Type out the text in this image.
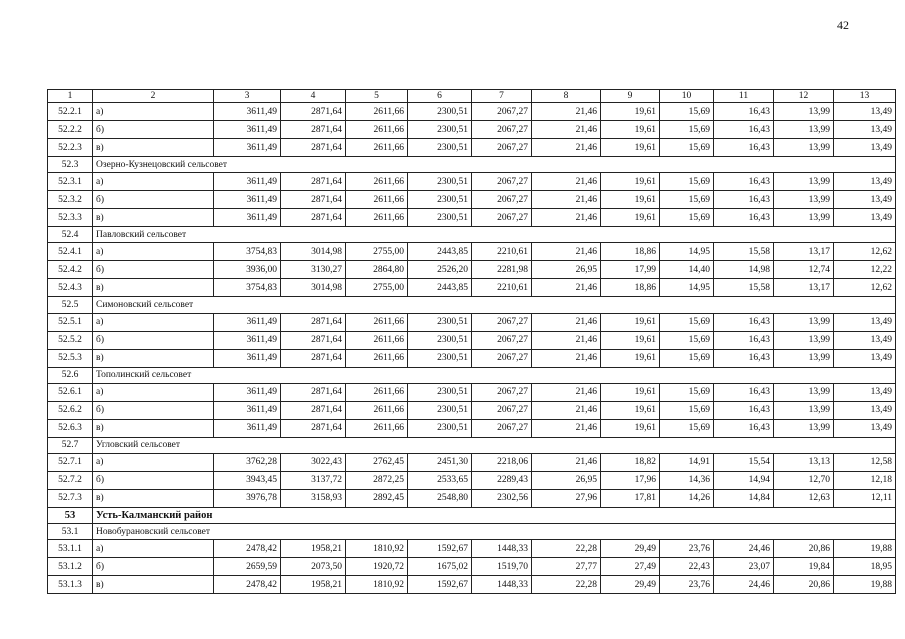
42
1	2	3	4	5	6	7	8	9	10	11	12	13
52.2.1	а)	3611,49	2871,64	2611,66	2300,51	2067,27	21,46	19,61	15,69	16,43	13,99	13,49
52.2.2	б)	3611,49	2871,64	2611,66	2300,51	2067,27	21,46	19,61	15,69	16,43	13,99	13,49
52.2.3	в)	3611,49	2871,64	2611,66	2300,51	2067,27	21,46	19,61	15,69	16,43	13,99	13,49
52.3	Озерно-Кузнецовский сельсовет											
52.3.1	а)	3611,49	2871,64	2611,66	2300,51	2067,27	21,46	19,61	15,69	16,43	13,99	13,49
52.3.2	б)	3611,49	2871,64	2611,66	2300,51	2067,27	21,46	19,61	15,69	16,43	13,99	13,49
52.3.3	в)	3611,49	2871,64	2611,66	2300,51	2067,27	21,46	19,61	15,69	16,43	13,99	13,49
52.4	Павловский сельсовет											
52.4.1	а)	3754,83	3014,98	2755,00	2443,85	2210,61	21,46	18,86	14,95	15,58	13,17	12,62
52.4.2	б)	3936,00	3130,27	2864,80	2526,20	2281,98	26,95	17,99	14,40	14,98	12,74	12,22
52.4.3	в)	3754,83	3014,98	2755,00	2443,85	2210,61	21,46	18,86	14,95	15,58	13,17	12,62
52.5	Симоновский сельсовет											
52.5.1	а)	3611,49	2871,64	2611,66	2300,51	2067,27	21,46	19,61	15,69	16,43	13,99	13,49
52.5.2	б)	3611,49	2871,64	2611,66	2300,51	2067,27	21,46	19,61	15,69	16,43	13,99	13,49
52.5.3	в)	3611,49	2871,64	2611,66	2300,51	2067,27	21,46	19,61	15,69	16,43	13,99	13,49
52.6	Тополинский сельсовет											
52.6.1	а)	3611,49	2871,64	2611,66	2300,51	2067,27	21,46	19,61	15,69	16,43	13,99	13,49
52.6.2	б)	3611,49	2871,64	2611,66	2300,51	2067,27	21,46	19,61	15,69	16,43	13,99	13,49
52.6.3	в)	3611,49	2871,64	2611,66	2300,51	2067,27	21,46	19,61	15,69	16,43	13,99	13,49
52.7	Угловский сельсовет											
52.7.1	а)	3762,28	3022,43	2762,45	2451,30	2218,06	21,46	18,82	14,91	15,54	13,13	12,58
52.7.2	б)	3943,45	3137,72	2872,25	2533,65	2289,43	26,95	17,96	14,36	14,94	12,70	12,18
52.7.3	в)	3976,78	3158,93	2892,45	2548,80	2302,56	27,96	17,81	14,26	14,84	12,63	12,11
53	Усть-Калманский район											
53.1	Новобурановский сельсовет											
53.1.1	а)	2478,42	1958,21	1810,92	1592,67	1448,33	22,28	29,49	23,76	24,46	20,86	19,88
53.1.2	б)	2659,59	2073,50	1920,72	1675,02	1519,70	27,77	27,49	22,43	23,07	19,84	18,95
53.1.3	в)	2478,42	1958,21	1810,92	1592,67	1448,33	22,28	29,49	23,76	24,46	20,86	19,88
